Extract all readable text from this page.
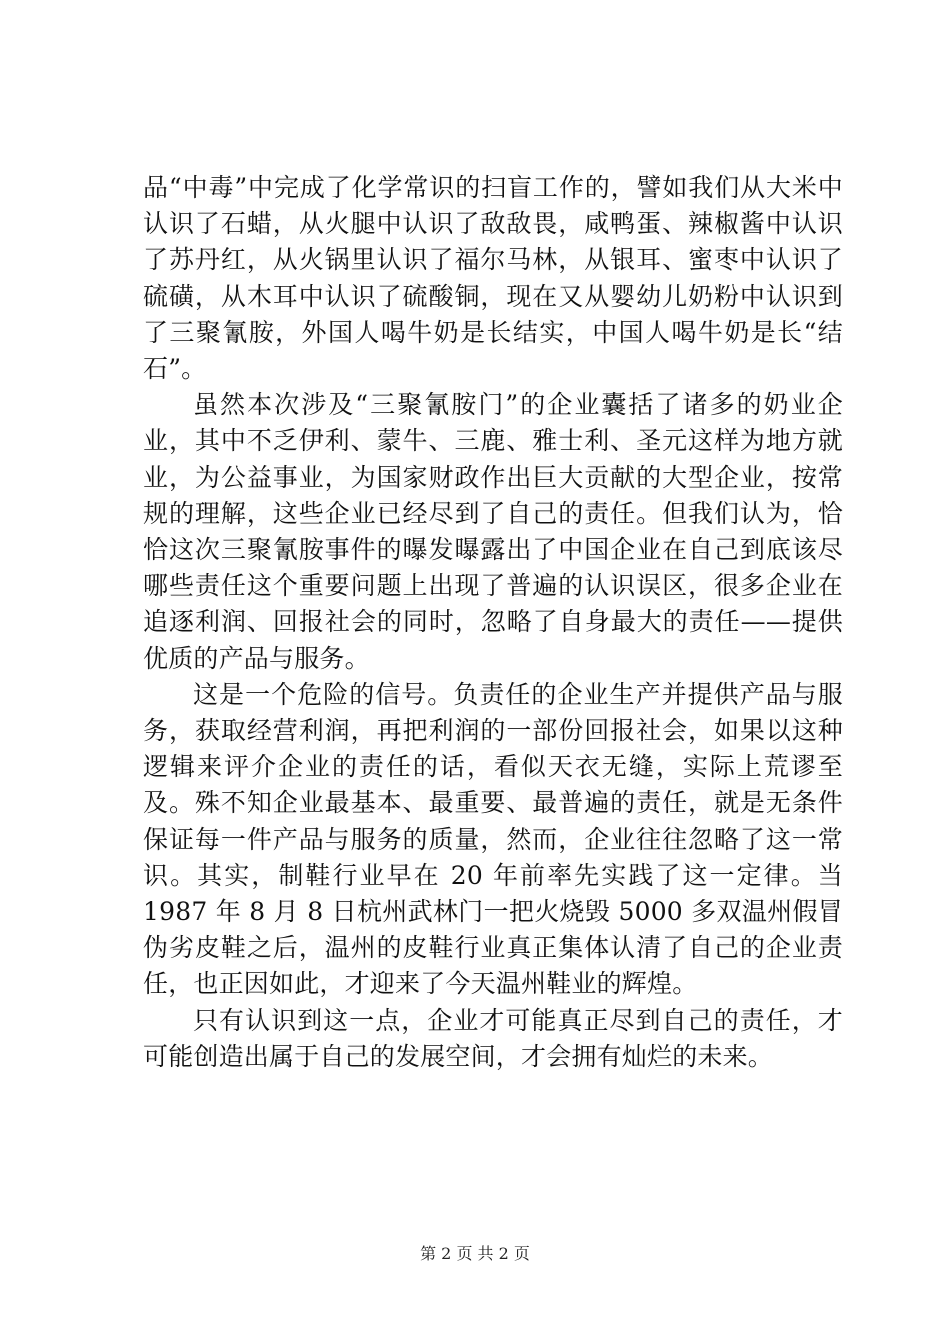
品“中毒”中完成了化学常识的扫盲工作的，譬如我们从大米中认识了石蜡，从火腿中认识了敌敌畏，咸鸭蛋、辣椒酱中认识了苏丹红，从火锅里认识了福尔马林，从银耳、蜜枣中认识了硫磺，从木耳中认识了硫酸铜，现在又从婴幼儿奶粉中认识到了三聚氰胺，外国人喝牛奶是长结实，中国人喝牛奶是长“结石”。

虽然本次涉及“三聚氰胺门”的企业囊括了诸多的奶业企业，其中不乏伊利、蒙牛、三鹿、雅士利、圣元这样为地方就业，为公益事业，为国家财政作出巨大贡献的大型企业，按常规的理解，这些企业已经尽到了自己的责任。但我们认为，恰恰这次三聚氰胺事件的曝发曝露出了中国企业在自己到底该尽哪些责任这个重要问题上出现了普遍的认识误区，很多企业在追逐利润、回报社会的同时，忽略了自身最大的责任——提供优质的产品与服务。

这是一个危险的信号。负责任的企业生产并提供产品与服务，获取经营利润，再把利润的一部份回报社会，如果以这种逻辑来评介企业的责任的话，看似天衣无缝，实际上荒谬至及。殊不知企业最基本、最重要、最普遍的责任，就是无条件保证每一件产品与服务的质量，然而，企业往往忽略了这一常识。其实，制鞋行业早在 20 年前率先实践了这一定律。当 1987 年 8 月 8 日杭州武林门一把火烧毁 5000 多双温州假冒伪劣皮鞋之后，温州的皮鞋行业真正集体认清了自己的企业责任，也正因如此，才迎来了今天温州鞋业的辉煌。

只有认识到这一点，企业才可能真正尽到自己的责任，才可能创造出属于自己的发展空间，才会拥有灿烂的未来。

第 2 页 共 2 页
